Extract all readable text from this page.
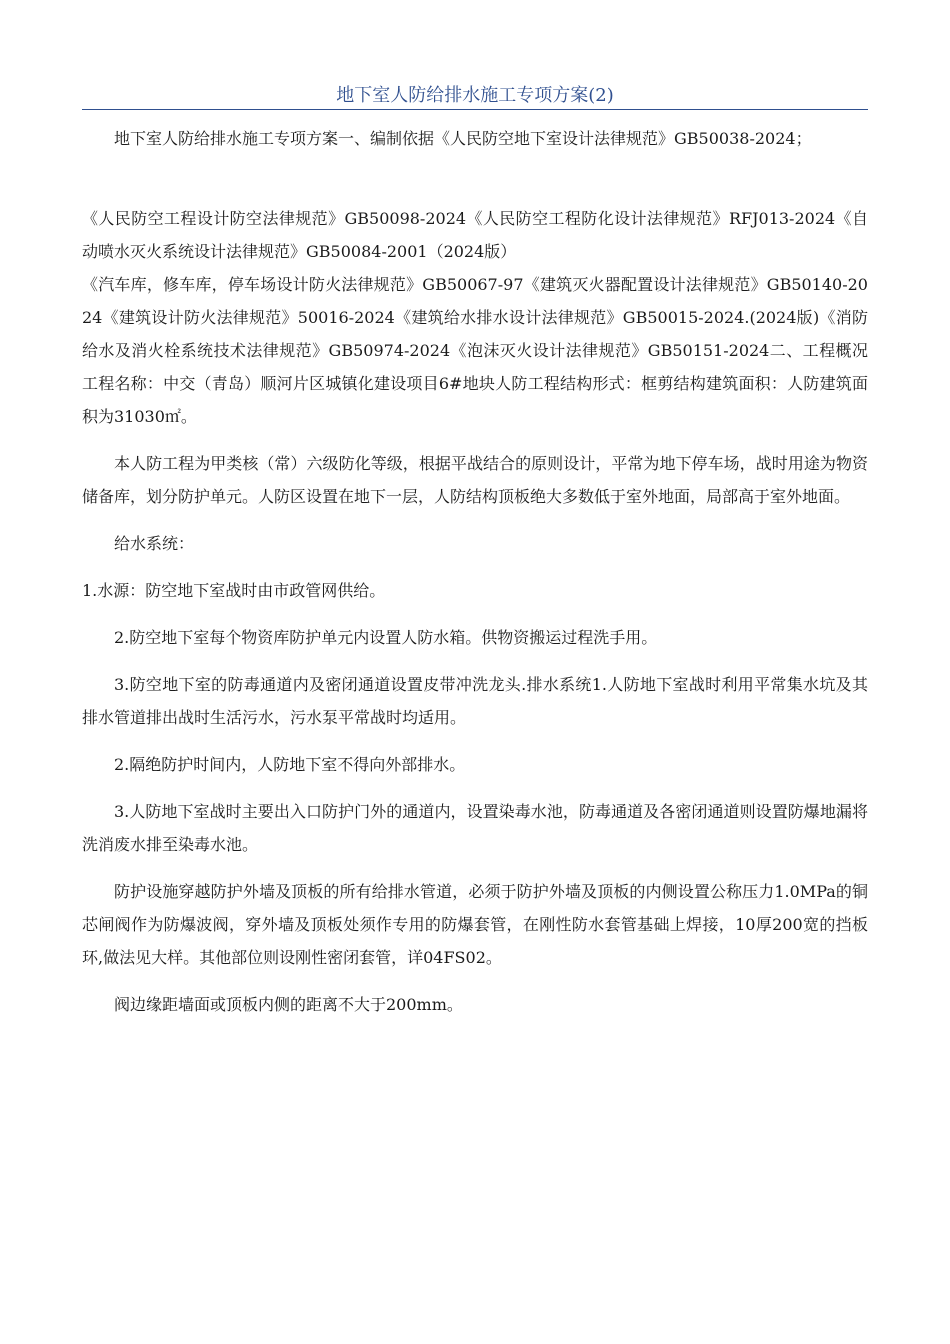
地下室人防给排水施工专项方案(2)

地下室人防给排水施工专项方案一、编制依据《人民防空地下室设计法律规范》GB50038-2024；

《人民防空工程设计防空法律规范》GB50098-2024《人民防空工程防化设计法律规范》RFJ013-2024《自动喷水灭火系统设计法律规范》GB50084-2001（2024版）

《汽车库，修车库，停车场设计防火法律规范》GB50067-97《建筑灭火器配置设计法律规范》GB50140-2024《建筑设计防火法律规范》50016-2024《建筑给水排水设计法律规范》GB50015-2024.(2024版)《消防给水及消火栓系统技术法律规范》GB50974-2024《泡沫灭火设计法律规范》GB50151-2024二、工程概况工程名称：中交（青岛）顺河片区城镇化建设项目6#地块人防工程结构形式：框剪结构建筑面积：人防建筑面积为31030㎡。

本人防工程为甲类核（常）六级防化等级，根据平战结合的原则设计，平常为地下停车场，战时用途为物资储备库，划分防护单元。人防区设置在地下一层，人防结构顶板绝大多数低于室外地面，局部高于室外地面。

给水系统：

1.水源：防空地下室战时由市政管网供给。

2.防空地下室每个物资库防护单元内设置人防水箱。供物资搬运过程洗手用。

3.防空地下室的防毒通道内及密闭通道设置皮带冲洗龙头.排水系统1.人防地下室战时利用平常集水坑及其排水管道排出战时生活污水，污水泵平常战时均适用。

2.隔绝防护时间内，人防地下室不得向外部排水。

3.人防地下室战时主要出入口防护门外的通道内，设置染毒水池，防毒通道及各密闭通道则设置防爆地漏将洗消废水排至染毒水池。

防护设施穿越防护外墙及顶板的所有给排水管道，必须于防护外墙及顶板的内侧设置公称压力1.0MPa的铜芯闸阀作为防爆波阀，穿外墙及顶板处须作专用的防爆套管，在刚性防水套管基础上焊接，10厚200宽的挡板环,做法见大样。其他部位则设刚性密闭套管，详04FS02。

阀边缘距墙面或顶板内侧的距离不大于200mm。
